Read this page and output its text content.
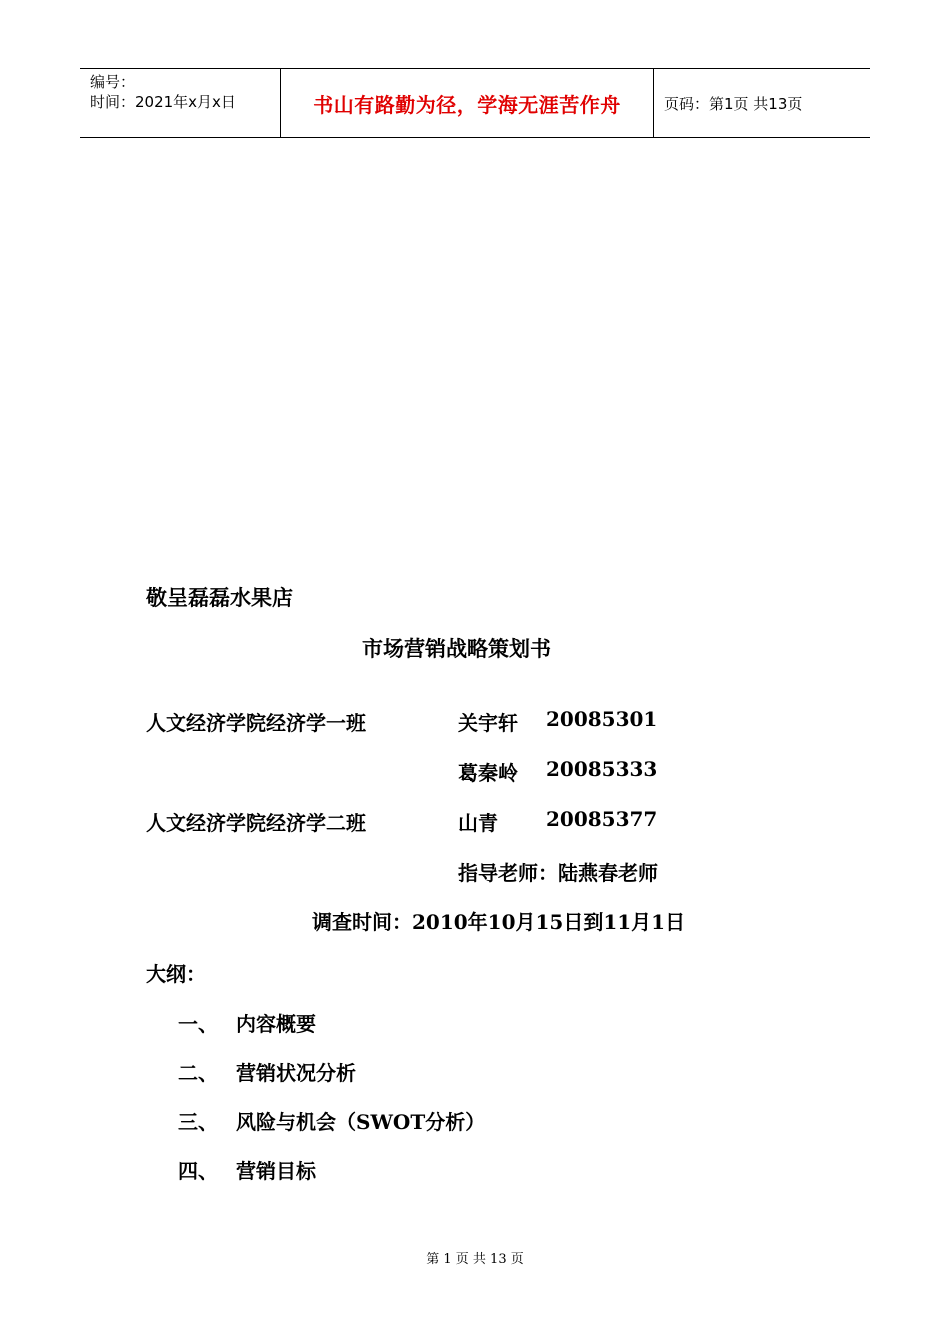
编号：
时间：2021年x月x日	书山有路勤为径，学海无涯苦作舟	页码：第1页 共13页
敬呈磊磊水果店
市场营销战略策划书
人文经济学院经济学一班	关宇轩 20085301
葛秦岭 20085333
人文经济学院经济学二班	山青 20085377
指导老师：陆燕春老师
调查时间：2010年10月15日到11月1日
大纲：
一、 内容概要
二、 营销状况分析
三、 风险与机会（SWOT分析）
四、 营销目标
第 1 页 共 13 页
